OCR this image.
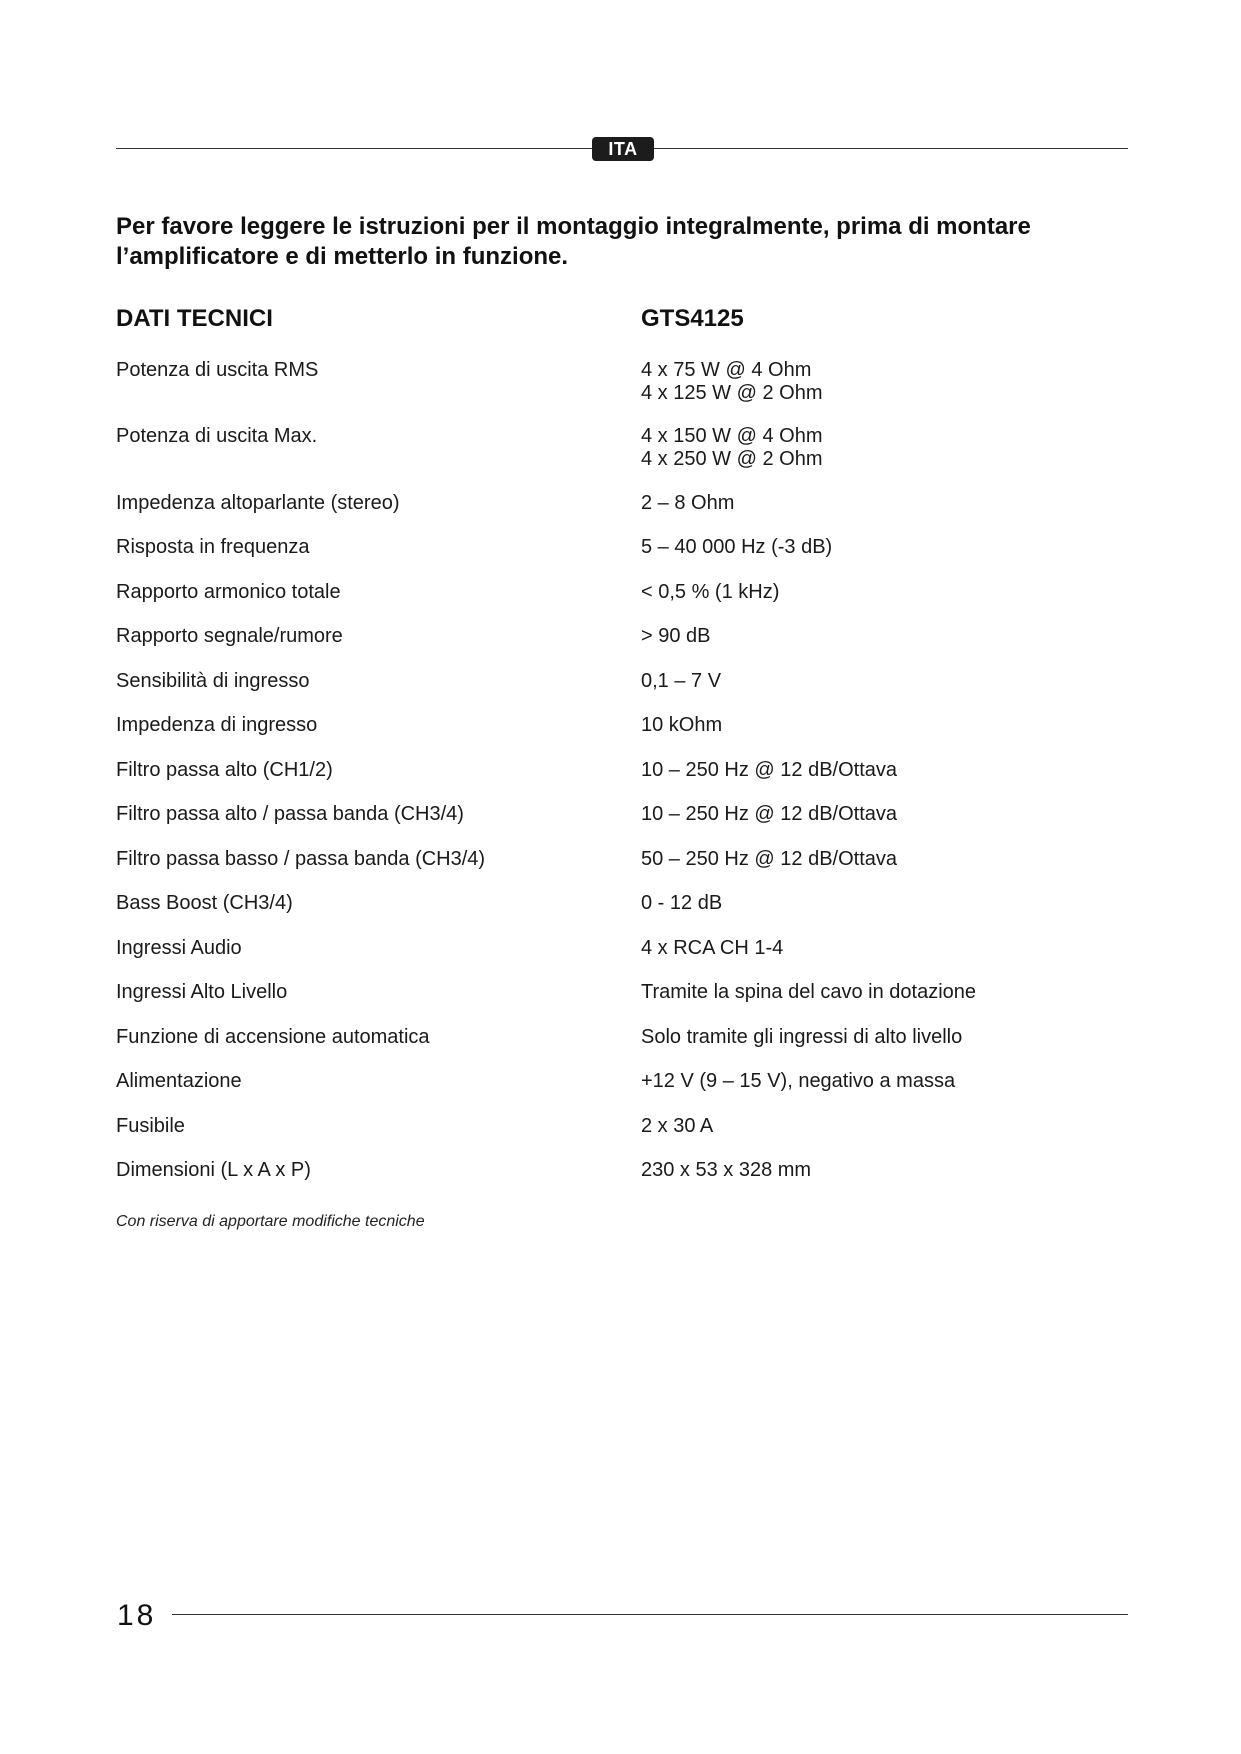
ITA

Per favore leggere le istruzioni per il montaggio integralmente, prima di montare
l’amplificatore e di metterlo in funzione.

DATI TECNICI	GTS4125
Potenza di uscita RMS	4 x 75 W @ 4 Ohm
4 x 125 W @ 2 Ohm
Potenza di uscita Max.	4 x 150 W @ 4 Ohm
4 x 250 W @ 2 Ohm
Impedenza altoparlante (stereo)	2 – 8 Ohm
Risposta in frequenza	5 – 40 000 Hz (-3 dB)
Rapporto armonico totale	< 0,5 % (1 kHz)
Rapporto segnale/rumore	> 90 dB
Sensibilità di ingresso	0,1 – 7 V
Impedenza di ingresso	10 kOhm
Filtro passa alto (CH1/2)	10 – 250 Hz @ 12 dB/Ottava
Filtro passa alto / passa banda (CH3/4)	10 – 250 Hz @ 12 dB/Ottava
Filtro passa basso / passa banda (CH3/4)	50 – 250 Hz @ 12 dB/Ottava
Bass Boost (CH3/4)	0 - 12 dB
Ingressi Audio	4 x RCA CH 1-4
Ingressi Alto Livello	Tramite la spina del cavo in dotazione
Funzione di accensione automatica	Solo tramite gli ingressi di alto livello
Alimentazione	+12 V (9 – 15 V), negativo a massa
Fusibile	2 x 30 A
Dimensioni (L x A x P)	230 x 53 x 328 mm
Con riserva di apportare modifiche tecniche
18
